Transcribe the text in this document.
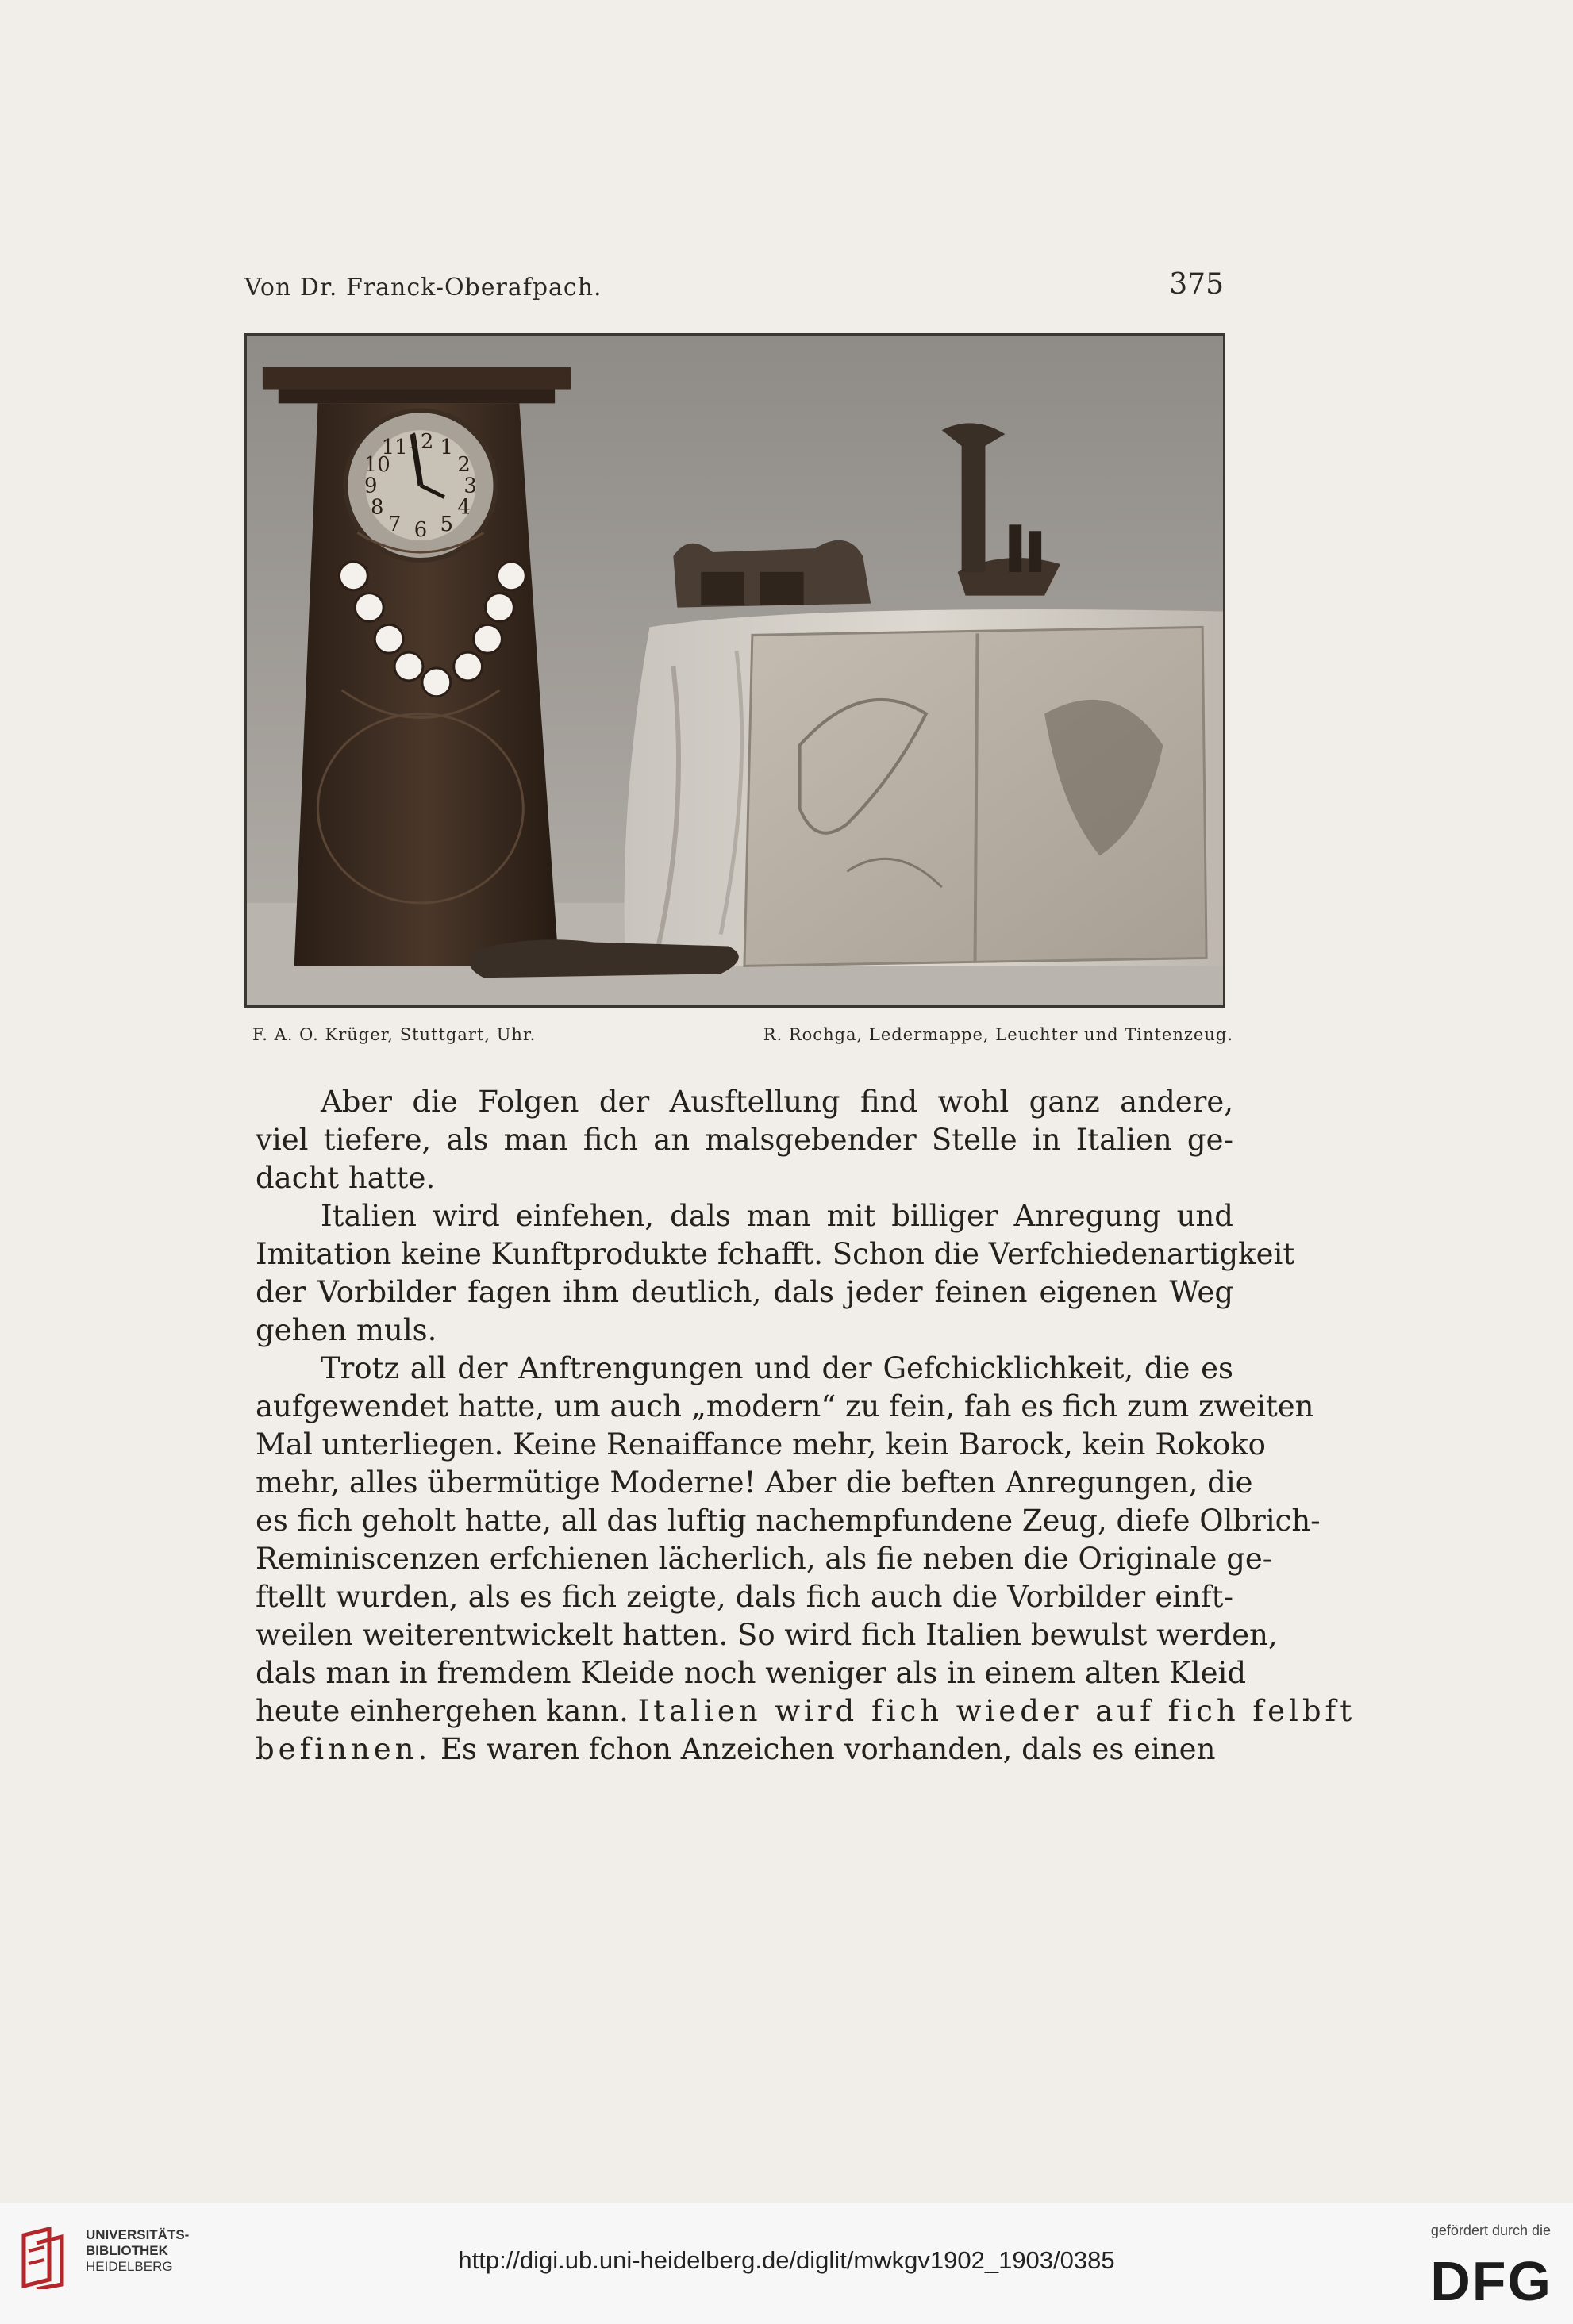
Von Dr. Franck-Oberafpach.	375
12 1
2
3
4
5
6
7
8
9
10
11
F. A. O. Krüger, Stuttgart, Uhr.	R. Rochga, Ledermappe, Leuchter und Tintenzeug.

Aber die Folgen der Ausftellung find wohl ganz andere,
viel tiefere, als man fich an malsgebender Stelle in Italien ge-
dacht hatte.

Italien wird einfehen, dals man mit billiger Anregung und
Imitation keine Kunftprodukte fchafft. Schon die Verfchiedenartigkeit
der Vorbilder fagen ihm deutlich, dals jeder feinen eigenen Weg
gehen muls.

Trotz all der Anftrengungen und der Gefchicklichkeit, die es
aufgewendet hatte, um auch „modern“ zu fein, fah es fich zum zweiten
Mal unterliegen. Keine Renaiffance mehr, kein Barock, kein Rokoko
mehr, alles übermütige Moderne! Aber die beften Anregungen, die
es fich geholt hatte, all das luftig nachempfundene Zeug, diefe Olbrich-
Reminiscenzen erfchienen lächerlich, als fie neben die Originale ge-
ftellt wurden, als es fich zeigte, dals fich auch die Vorbilder einft-
weilen weiterentwickelt hatten. So wird fich Italien bewulst werden,
dals man in fremdem Kleide noch weniger als in einem alten Kleid
heute einhergehen kann. Italien wird fich wieder auf fich felbft
befinnen. Es waren fchon Anzeichen vorhanden, dals es einen

UNIVERSITÄTS-
BIBLIOTHEK
HEIDELBERG	http://digi.ub.uni-heidelberg.de/diglit/mwkgv1902_1903/0385
gefördert durch die
DFG
